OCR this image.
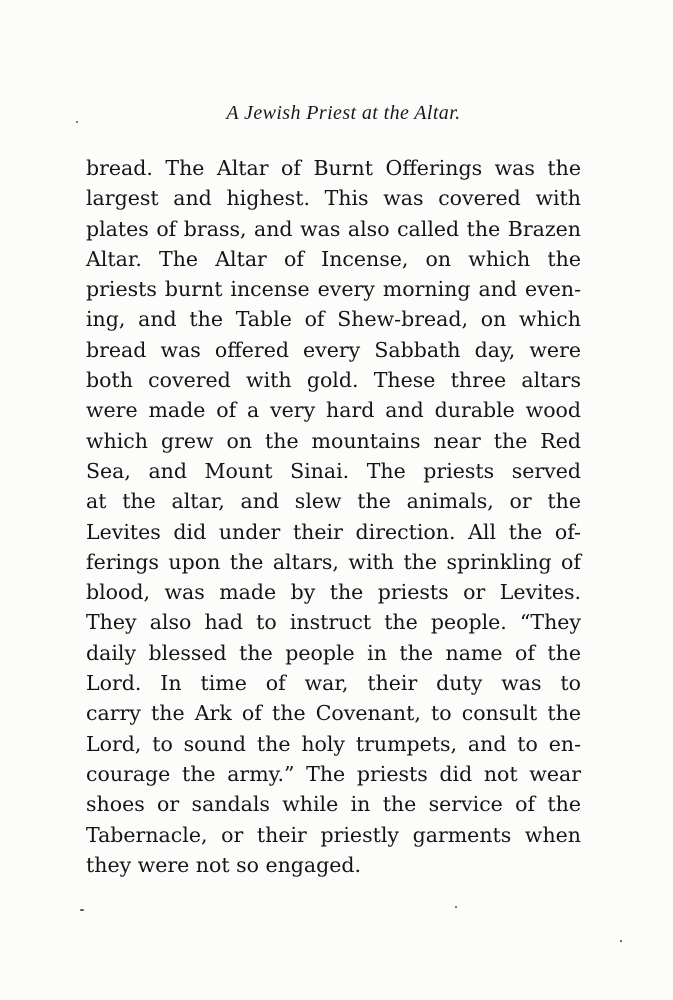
A Jewish Priest at the Altar.
bread. The Altar of Burnt Offerings was the
largest and highest. This was covered with
plates of brass, and was also called the Brazen
Altar. The Altar of Incense, on which the
priests burnt incense every morning and even-
ing, and the Table of Shew-bread, on which
bread was offered every Sabbath day, were
both covered with gold. These three altars
were made of a very hard and durable wood
which grew on the mountains near the Red
Sea, and Mount Sinai. The priests served
at the altar, and slew the animals, or the
Levites did under their direction. All the of-
ferings upon the altars, with the sprinkling of
blood, was made by the priests or Levites.
They also had to instruct the people. “They
daily blessed the people in the name of the
Lord. In time of war, their duty was to
carry the Ark of the Covenant, to consult the
Lord, to sound the holy trumpets, and to en-
courage the army.” The priests did not wear
shoes or sandals while in the service of the
Tabernacle, or their priestly garments when
they were not so engaged.
